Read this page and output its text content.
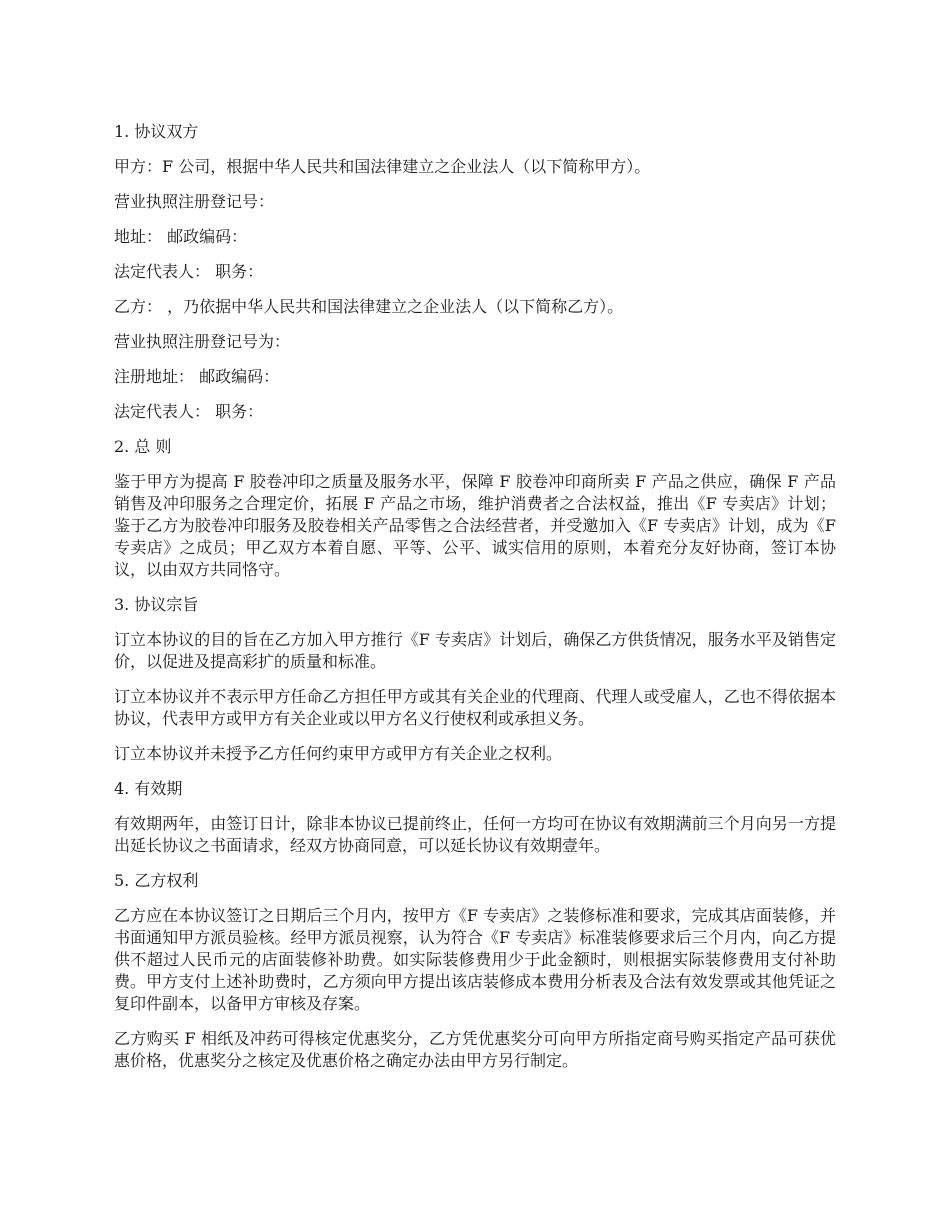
1. 协议双方
甲方：F 公司，根据中华人民共和国法律建立之企业法人（以下简称甲方）。
营业执照注册登记号：
地址： 邮政编码：
法定代表人： 职务：
乙方： ，乃依据中华人民共和国法律建立之企业法人（以下简称乙方）。
营业执照注册登记号为：
注册地址： 邮政编码：
法定代表人： 职务：
2. 总 则
鉴于甲方为提高 F 胶卷冲印之质量及服务水平，保障 F 胶卷冲印商所卖 F 产品之供应，确保 F 产品销售及冲印服务之合理定价，拓展 F 产品之市场，维护消费者之合法权益，推出《F 专卖店》计划；鉴于乙方为胶卷冲印服务及胶卷相关产品零售之合法经营者，并受邀加入《F 专卖店》计划，成为《F 专卖店》之成员；甲乙双方本着自愿、平等、公平、诚实信用的原则，本着充分友好协商，签订本协议，以由双方共同恪守。
3. 协议宗旨
订立本协议的目的旨在乙方加入甲方推行《F 专卖店》计划后，确保乙方供货情况，服务水平及销售定价，以促进及提高彩扩的质量和标准。
订立本协议并不表示甲方任命乙方担任甲方或其有关企业的代理商、代理人或受雇人，乙也不得依据本协议，代表甲方或甲方有关企业或以甲方名义行使权利或承担义务。
订立本协议并未授予乙方任何约束甲方或甲方有关企业之权利。
4. 有效期
有效期两年，由签订日计，除非本协议已提前终止，任何一方均可在协议有效期满前三个月向另一方提出延长协议之书面请求，经双方协商同意，可以延长协议有效期壹年。
5. 乙方权利
乙方应在本协议签订之日期后三个月内，按甲方《F 专卖店》之装修标准和要求，完成其店面装修，并书面通知甲方派员验核。经甲方派员视察，认为符合《F 专卖店》标准装修要求后三个月内，向乙方提供不超过人民币元的店面装修补助费。如实际装修费用少于此金额时，则根据实际装修费用支付补助费。甲方支付上述补助费时，乙方须向甲方提出该店装修成本费用分析表及合法有效发票或其他凭证之复印件副本，以备甲方审核及存案。
乙方购买 F 相纸及冲药可得核定优惠奖分，乙方凭优惠奖分可向甲方所指定商号购买指定产品可获优惠价格，优惠奖分之核定及优惠价格之确定办法由甲方另行制定。
